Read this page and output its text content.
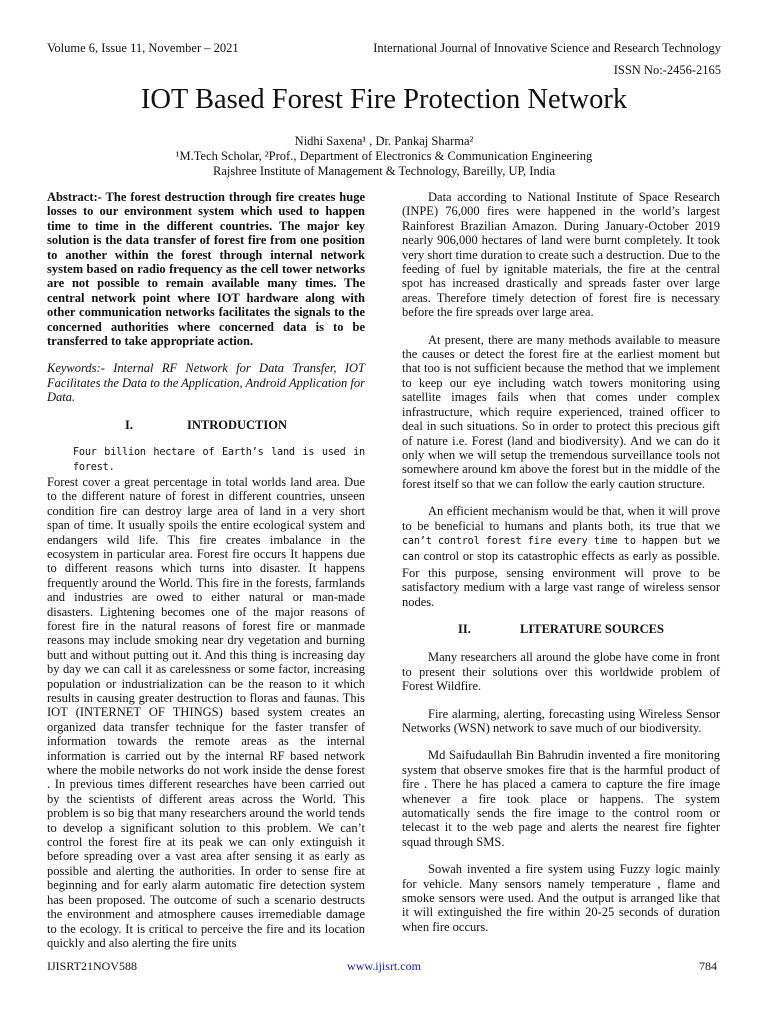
Volume 6, Issue 11, November – 2021	International Journal of Innovative Science and Research Technology
ISSN No:-2456-2165
IOT Based Forest Fire Protection Network
Nidhi Saxena¹ , Dr. Pankaj Sharma²
¹M.Tech Scholar, ²Prof., Department of Electronics & Communication Engineering
Rajshree Institute of Management & Technology, Bareilly, UP, India

Abstract:- The forest destruction through fire creates huge losses to our environment system which used to happen time to time in the different countries. The major key solution is the data transfer of forest fire from one position to another within the forest through internal network system based on radio frequency as the cell tower networks are not possible to remain available many times. The central network point where IOT hardware along with other communication networks facilitates the signals to the concerned authorities where concerned data is to be transferred to take appropriate action.

Keywords:- Internal RF Network for Data Transfer, IOT Facilitates the Data to the Application, Android Application for Data.

I.	INTRODUCTION

Four billion hectare of Earth’s land is used in forest. Forest cover a great percentage in total worlds land area. Due to the different nature of forest in different countries, unseen condition fire can destroy large area of land in a very short span of time. It usually spoils the entire ecological system and endangers wild life. This fire creates imbalance in the ecosystem in particular area. Forest fire occurs It happens due to different reasons which turns into disaster. It happens frequently around the World. This fire in the forests, farmlands and industries are owed to either natural or man-made disasters. Lightening becomes one of the major reasons of forest fire in the natural reasons of forest fire or manmade reasons may include smoking near dry vegetation and burning butt and without putting out it. And this thing is increasing day by day we can call it as carelessness or some factor, increasing population or industrialization can be the reason to it which results in causing greater destruction to floras and faunas. This IOT (INTERNET OF THINGS) based system creates an organized data transfer technique for the faster transfer of information towards the remote areas as the internal information is carried out by the internal RF based network where the mobile networks do not work inside the dense forest . In previous times different researches have been carried out by the scientists of different areas across the World. This problem is so big that many researchers around the world tends to develop a significant solution to this problem. We can’t control the forest fire at its peak we can only extinguish it before spreading over a vast area after sensing it as early as possible and alerting the authorities. In order to sense fire at beginning and for early alarm automatic fire detection system has been proposed. The outcome of such a scenario destructs the environment and atmosphere causes irremediable damage to the ecology. It is critical to perceive the fire and its location quickly and also alerting the fire units

Data according to National Institute of Space Research (INPE) 76,000 fires were happened in the world’s largest Rainforest Brazilian Amazon. During January-October 2019 nearly 906,000 hectares of land were burnt completely. It took very short time duration to create such a destruction. Due to the feeding of fuel by ignitable materials, the fire at the central spot has increased drastically and spreads faster over large areas. Therefore timely detection of forest fire is necessary before the fire spreads over large area.

At present, there are many methods available to measure the causes or detect the forest fire at the earliest moment but that too is not sufficient because the method that we implement to keep our eye including watch towers monitoring using satellite images fails when that comes under complex infrastructure, which require experienced, trained officer to deal in such situations. So in order to protect this precious gift of nature i.e. Forest (land and biodiversity). And we can do it only when we will setup the tremendous surveillance tools not somewhere around km above the forest but in the middle of the forest itself so that we can follow the early caution structure.

An efficient mechanism would be that, when it will prove to be beneficial to humans and plants both, its true that we can’t control forest fire every time to happen but we can control or stop its catastrophic effects as early as possible. For this purpose, sensing environment will prove to be satisfactory medium with a large vast range of wireless sensor nodes.

II.	LITERATURE SOURCES

Many researchers all around the globe have come in front to present their solutions over this worldwide problem of Forest Wildfire.

Fire alarming, alerting, forecasting using Wireless Sensor Networks (WSN) network to save much of our biodiversity.

Md Saifudaullah Bin Bahrudin invented a fire monitoring system that observe smokes fire that is the harmful product of fire . There he has placed a camera to capture the fire image whenever a fire took place or happens. The system automatically sends the fire image to the control room or telecast it to the web page and alerts the nearest fire fighter squad through SMS.

Sowah invented a fire system using Fuzzy logic mainly for vehicle. Many sensors namely temperature , flame and smoke sensors were used. And the output is arranged like that it will extinguished the fire within 20-25 seconds of duration when fire occurs.

IJISRT21NOV588	www.ijisrt.com	784
